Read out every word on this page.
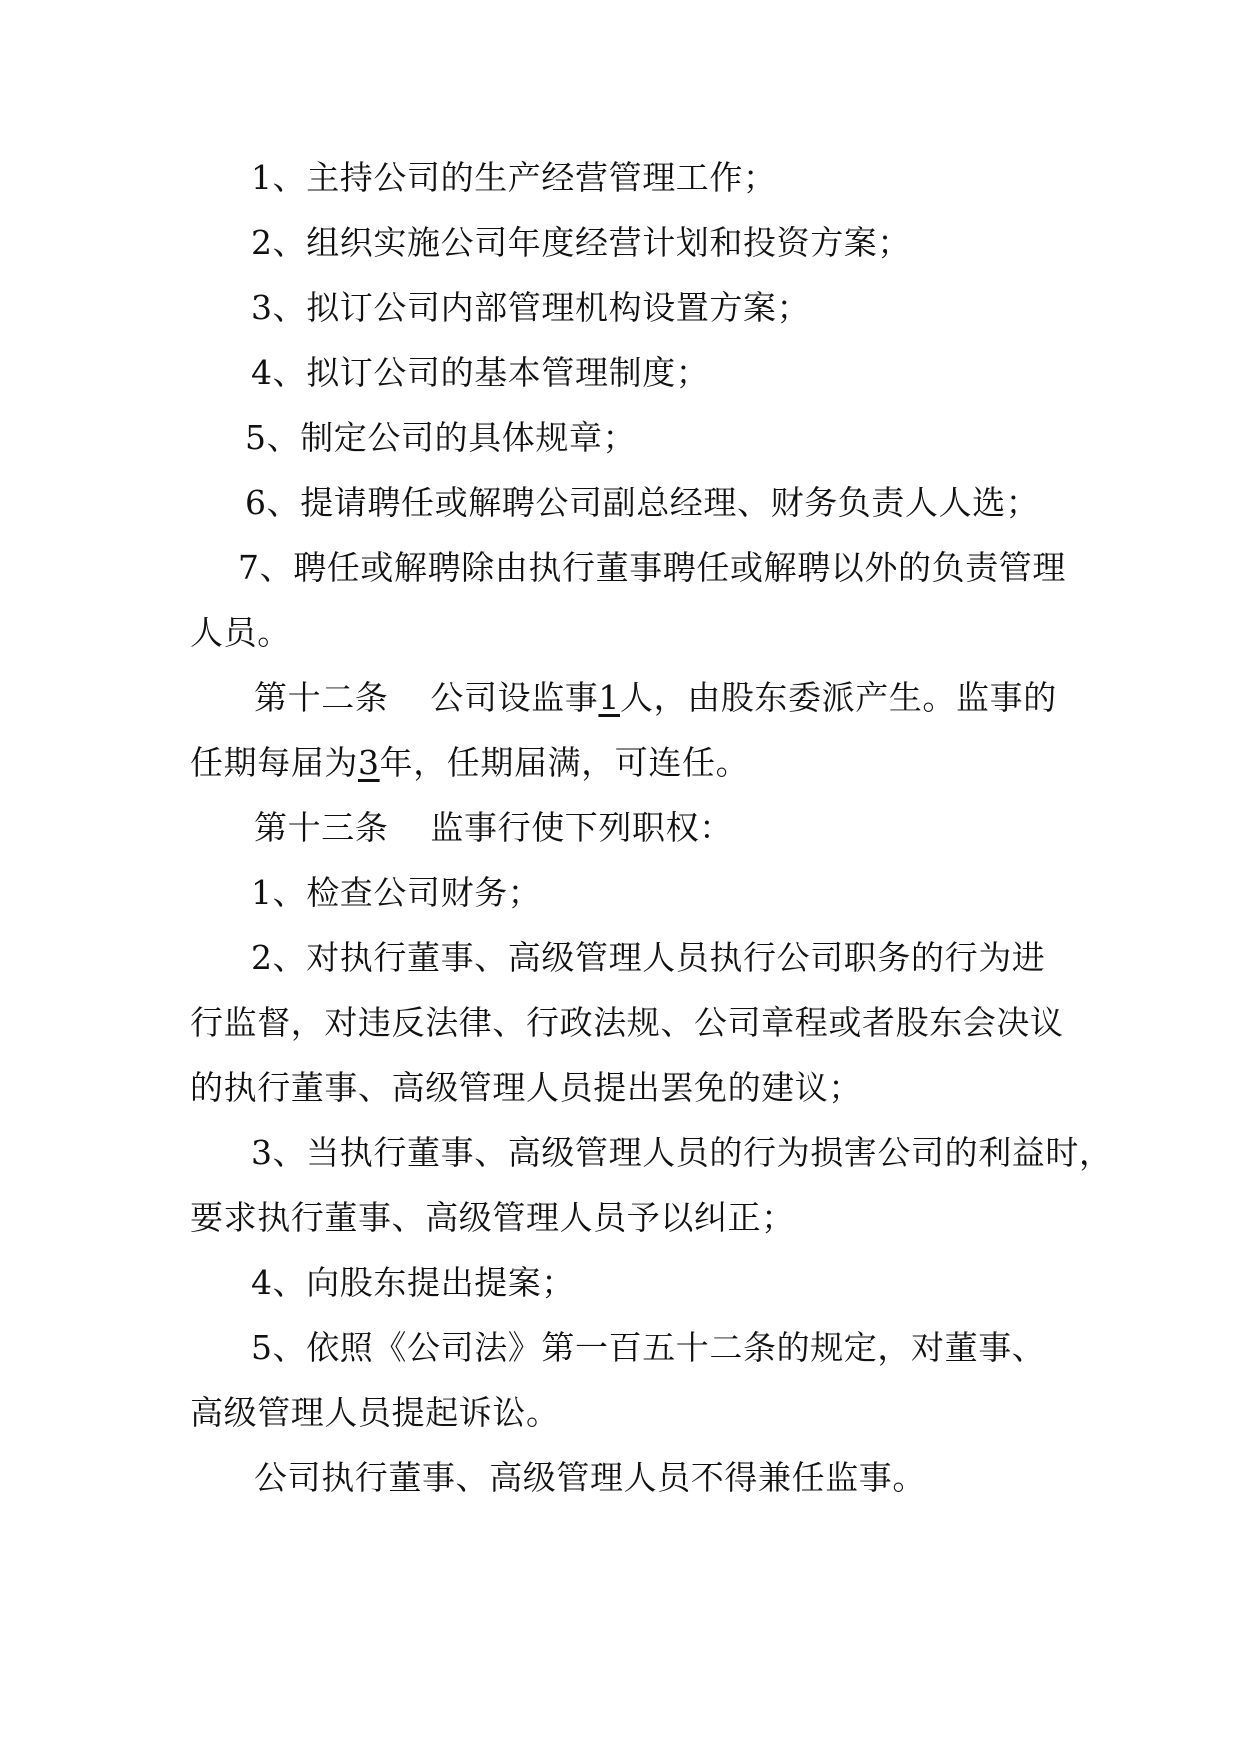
1、主持公司的生产经营管理工作；

2、组织实施公司年度经营计划和投资方案；

3、拟订公司内部管理机构设置方案；

4、拟订公司的基本管理制度；

5、制定公司的具体规章；

6、提请聘任或解聘公司副总经理、财务负责人人选；

7、聘任或解聘除由执行董事聘任或解聘以外的负责管理

人员。

第十二条 公司设监事1人，由股东委派产生。监事的

任期每届为3年，任期届满，可连任。

第十三条 监事行使下列职权：

1、检查公司财务；

2、对执行董事、高级管理人员执行公司职务的行为进

行监督，对违反法律、行政法规、公司章程或者股东会决议

的执行董事、高级管理人员提出罢免的建议；

3、当执行董事、高级管理人员的行为损害公司的利益时，

要求执行董事、高级管理人员予以纠正；

4、向股东提出提案；

5、依照《公司法》第一百五十二条的规定，对董事、

高级管理人员提起诉讼。

公司执行董事、高级管理人员不得兼任监事。
